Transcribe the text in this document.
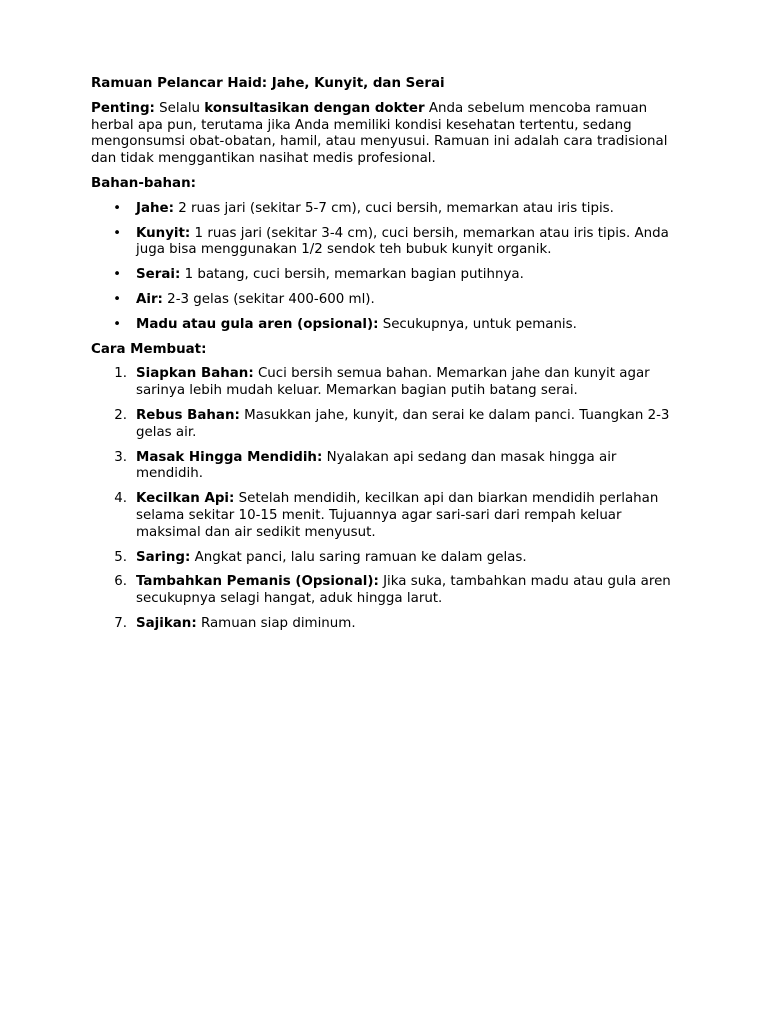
Ramuan Pelancar Haid: Jahe, Kunyit, dan Serai

Penting: Selalu konsultasikan dengan dokter Anda sebelum mencoba ramuan herbal apa pun, terutama jika Anda memiliki kondisi kesehatan tertentu, sedang mengonsumsi obat-obatan, hamil, atau menyusui. Ramuan ini adalah cara tradisional dan tidak menggantikan nasihat medis profesional.

Bahan-bahan:

• Jahe: 2 ruas jari (sekitar 5-7 cm), cuci bersih, memarkan atau iris tipis.
• Kunyit: 1 ruas jari (sekitar 3-4 cm), cuci bersih, memarkan atau iris tipis. Anda juga bisa menggunakan 1/2 sendok teh bubuk kunyit organik.
• Serai: 1 batang, cuci bersih, memarkan bagian putihnya.
• Air: 2-3 gelas (sekitar 400-600 ml).
• Madu atau gula aren (opsional): Secukupnya, untuk pemanis.

Cara Membuat:

1. Siapkan Bahan: Cuci bersih semua bahan. Memarkan jahe dan kunyit agar sarinya lebih mudah keluar. Memarkan bagian putih batang serai.
2. Rebus Bahan: Masukkan jahe, kunyit, dan serai ke dalam panci. Tuangkan 2-3 gelas air.
3. Masak Hingga Mendidih: Nyalakan api sedang dan masak hingga air mendidih.
4. Kecilkan Api: Setelah mendidih, kecilkan api dan biarkan mendidih perlahan selama sekitar 10-15 menit. Tujuannya agar sari-sari dari rempah keluar maksimal dan air sedikit menyusut.
5. Saring: Angkat panci, lalu saring ramuan ke dalam gelas.
6. Tambahkan Pemanis (Opsional): Jika suka, tambahkan madu atau gula aren secukupnya selagi hangat, aduk hingga larut.
7. Sajikan: Ramuan siap diminum.
